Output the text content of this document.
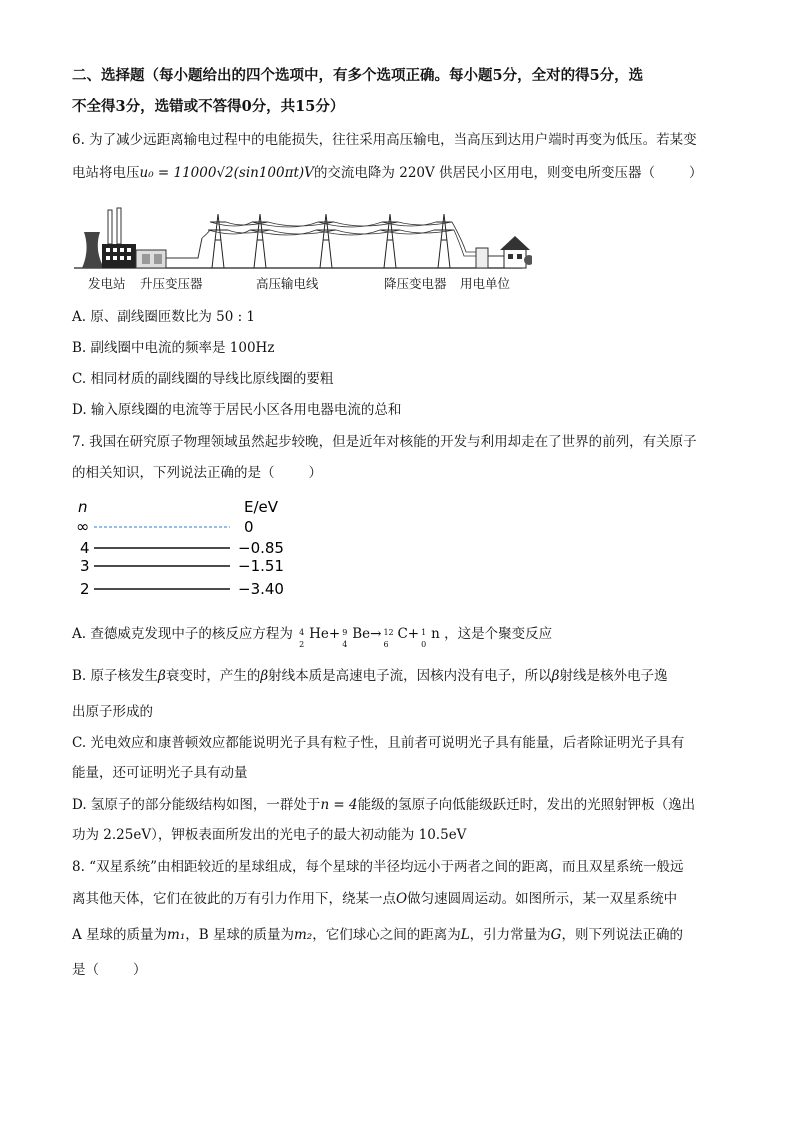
二、选择题（每小题给出的四个选项中，有多个选项正确。每小题5分，全对的得5分，选
不全得3分，选错或不答得0分，共15分）
6. 为了减少远距离输电过程中的电能损失，往往采用高压输电，当高压到达用户端时再变为低压。若某变
电站将电压u₀ = 11000√2(sin100πt)V的交流电降为 220V 供居民小区用电，则变电所变压器（	）
发电站 升压变压器	高压输电线	降压变电器 用电单位
A. 原、副线圈匝数比为 50 : 1
B. 副线圈中电流的频率是 100Hz
C. 相同材质的副线圈的导线比原线圈的要粗
D. 输入原线圈的电流等于居民小区各用电器电流的总和
7. 我国在研究原子物理领域虽然起步较晚，但是近年对核能的开发与利用却走在了世界的前列，有关原子
的相关知识，下列说法正确的是（	）
n	E/eV
∞	0
4	−0.85
3	−1.51
2	−3.40
A. 查德威克发现中子的核反应方程为 4
2
He+ 9
4
Be→ 12
6
C+ 1
0
n ，这是个聚变反应
B. 原子核发生β衰变时，产生的β射线本质是高速电子流，因核内没有电子，所以β射线是核外电子逸
出原子形成的
C. 光电效应和康普顿效应都能说明光子具有粒子性，且前者可说明光子具有能量，后者除证明光子具有
能量，还可证明光子具有动量
D. 氢原子的部分能级结构如图，一群处于n = 4能级的氢原子向低能级跃迁时，发出的光照射钾板（逸出
功为 2.25eV），钾板表面所发出的光电子的最大初动能为 10.5eV
8. “双星系统”由相距较近的星球组成，每个星球的半径均远小于两者之间的距离，而且双星系统一般远
离其他天体，它们在彼此的万有引力作用下，绕某一点O做匀速圆周运动。如图所示，某一双星系统中
A 星球的质量为m₁，B 星球的质量为m₂，它们球心之间的距离为L，引力常量为G，则下列说法正确的
是（	）
